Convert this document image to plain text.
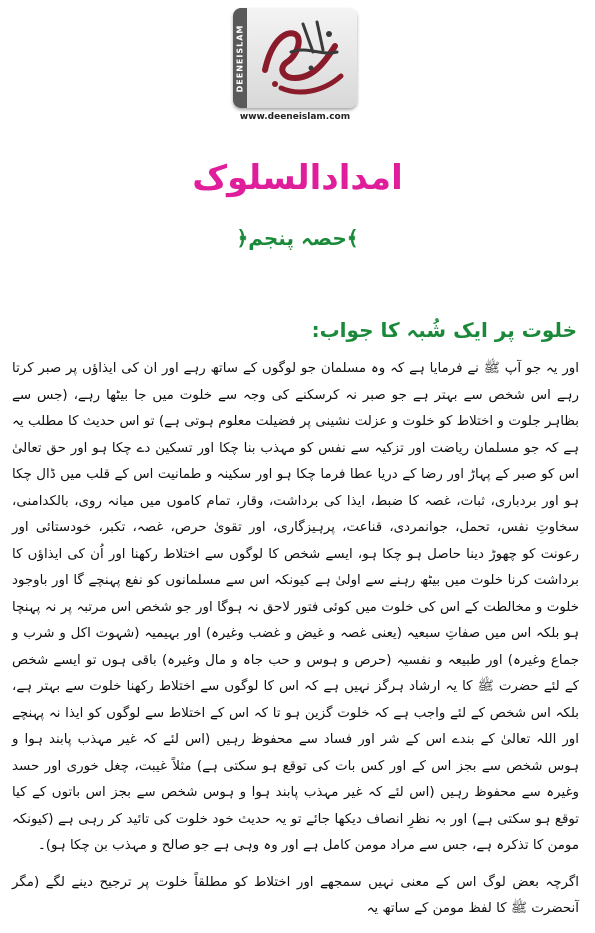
DEENEISLAM
www.deeneislam.com
امدادالسلوک
﴿حصہ پنجم﴾
خلوت پر ایک شُبہ کا جواب:

اور یہ جو آپ ﷺ نے فرمایا ہے کہ وہ مسلمان جو لوگوں کے ساتھ رہے اور ان کی ایذاؤں پر صبر کرتا رہے اس شخص سے بہتر ہے جو صبر نہ کرسکنے کی وجہ سے خلوت میں جا بیٹھا رہے، (جس سے بظاہر جلوت و اختلاط کو خلوت و عزلت نشینی پر فضیلت معلوم ہوتی ہے) تو اس حدیث کا مطلب یہ ہے کہ جو مسلمان ریاضت اور تزکیہ سے نفس کو مہذب بنا چکا اور تسکین دے چکا ہو اور حق تعالیٰ اس کو صبر کے پہاڑ اور رضا کے دریا عطا فرما چکا ہو اور سکینہ و طمانیت اس کے قلب میں ڈال چکا ہو اور بردباری، ثبات، غصہ کا ضبط، ایذا کی برداشت، وقار، تمام کاموں میں میانہ روی، بالکدامنی، سخاوتِ نفس، تحمل، جوانمردی، قناعت، پرہیزگاری، اور تقویٰ حرص، غصہ، تکبر، خودستائی اور رعونت کو چھوڑ دینا حاصل ہو چکا ہو، ایسے شخص کا لوگوں سے اختلاط رکھنا اور اُن کی ایذاؤں کا برداشت کرنا خلوت میں بیٹھ رہنے سے اولیٰ ہے کیونکہ اس سے مسلمانوں کو نفع پہنچے گا اور باوجود خلوت و مخالطت کے اس کی خلوت میں کوئی فتور لاحق نہ ہوگا اور جو شخص اس مرتبہ پر نہ پہنچا ہو بلکہ اس میں صفاتِ سبعیہ (یعنی غصہ و غیض و غضب وغیرہ) اور بہیمیہ (شہوت اکل و شرب و جماع وغیرہ) اور طبیعہ و نفسیہ (حرص و ہوس و حب جاہ و مال وغیرہ) باقی ہوں تو ایسے شخص کے لئے حضرت ﷺ کا یہ ارشاد ہرگز نہیں ہے کہ اس کا لوگوں سے اختلاط رکھنا خلوت سے بہتر ہے، بلکہ اس شخص کے لئے واجب ہے کہ خلوت گزین ہو تا کہ اس کے اختلاط سے لوگوں کو ایذا نہ پہنچے اور اللہ تعالیٰ کے بندے اس کے شر اور فساد سے محفوظ رہیں (اس لئے کہ غیر مہذب پابند ہوا و ہوس شخص سے بجز اس کے اور کس بات کی توقع ہو سکتی ہے) مثلاً غیبت، چغل خوری اور حسد وغیرہ سے محفوظ رہیں (اس لئے کہ غیر مہذب پابند ہوا و ہوس شخص سے بجز اس باتوں کے کیا توقع ہو سکتی ہے) اور بہ نظرِ انصاف دیکھا جائے تو یہ حدیث خود خلوت کی تائید کر رہی ہے (کیونکہ مومن کا تذکرہ ہے، جس سے مراد مومن کامل ہے اور وہ وہی ہے جو صالح و مہذب بن چکا ہو)۔

اگرچہ بعض لوگ اس کے معنی نہیں سمجھے اور اختلاط کو مطلقاً خلوت پر ترجیح دینے لگے (مگر آنحضرت ﷺ کا لفظ مومن کے ساتھ یہ
